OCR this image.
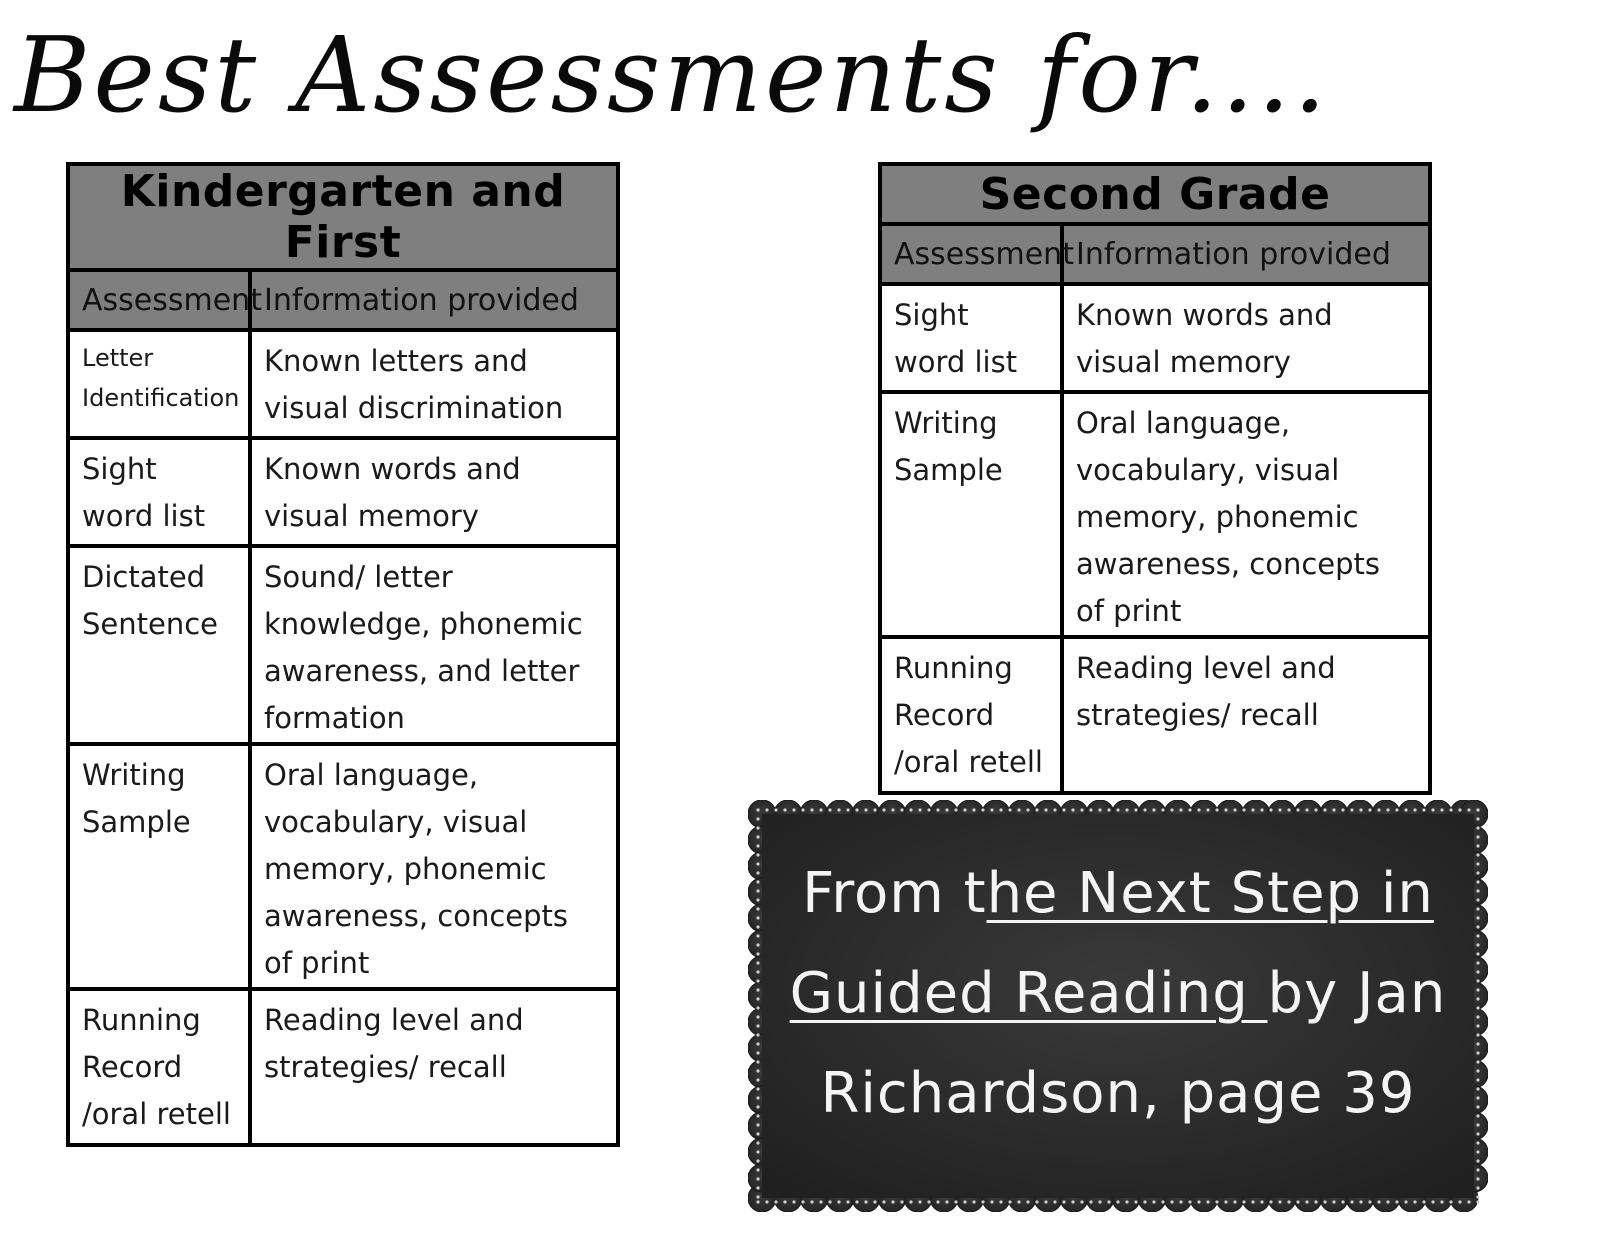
Best Assessments for....
Kindergarten and First	
Assessment	Information provided
Letter Identification	Known letters and visual discrimination
Sight word list	Known words and visual memory
Dictated Sentence	Sound/ letter knowledge, phonemic awareness, and letter formation
Writing Sample	Oral language, vocabulary, visual memory, phonemic awareness, concepts of print
Running Record /oral retell	Reading level and strategies/ recall
Second Grade	
Assessment	Information provided
Sight word list	Known words and visual memory
Writing Sample	Oral language, vocabulary, visual memory, phonemic awareness, concepts of print
Running Record /oral retell	Reading level and strategies/ recall
From the Next Step in Guided Reading by Jan Richardson, page 39
